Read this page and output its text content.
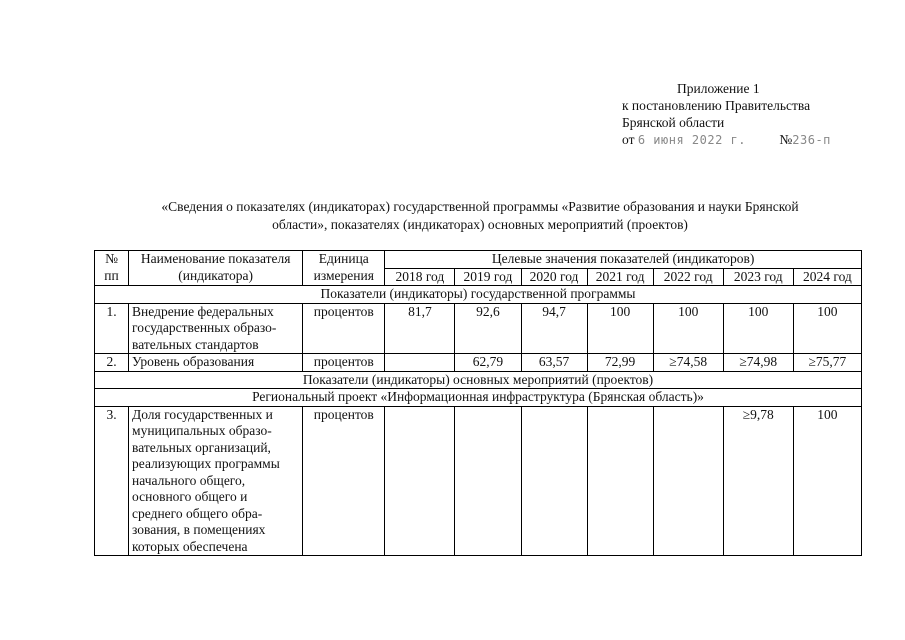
Приложение 1
к постановлению Правительства
Брянской области
от 6 июня 2022 г. №236-п
«Сведения о показателях (индикаторах) государственной программы «Развитие образования и науки Брянской
области», показателях (индикаторах) основных мероприятий (проектов)
№ пп	Наименование показателя (индикатора)	Единица измерения	Целевые значения показателей (индикаторов)						
			2018 год	2019 год	2020 год	2021 год	2022 год	2023 год	2024 год
Показатели (индикаторы) государственной программы									
1.	Внедрение федеральных государственных образо-вательных стандартов	процентов	81,7	92,6	94,7	100	100	100	100
2.	Уровень образования	процентов		62,79	63,57	72,99	≥74,58	≥74,98	≥75,77
Показатели (индикаторы) основных мероприятий (проектов)									
Региональный проект «Информационная инфраструктура (Брянская область)»									
3.	Доля государственных и муниципальных образо-вательных организаций, реализующих программы начального общего, основного общего и среднего общего обра-зования, в помещениях которых обеспечена	процентов						≥9,78	100
